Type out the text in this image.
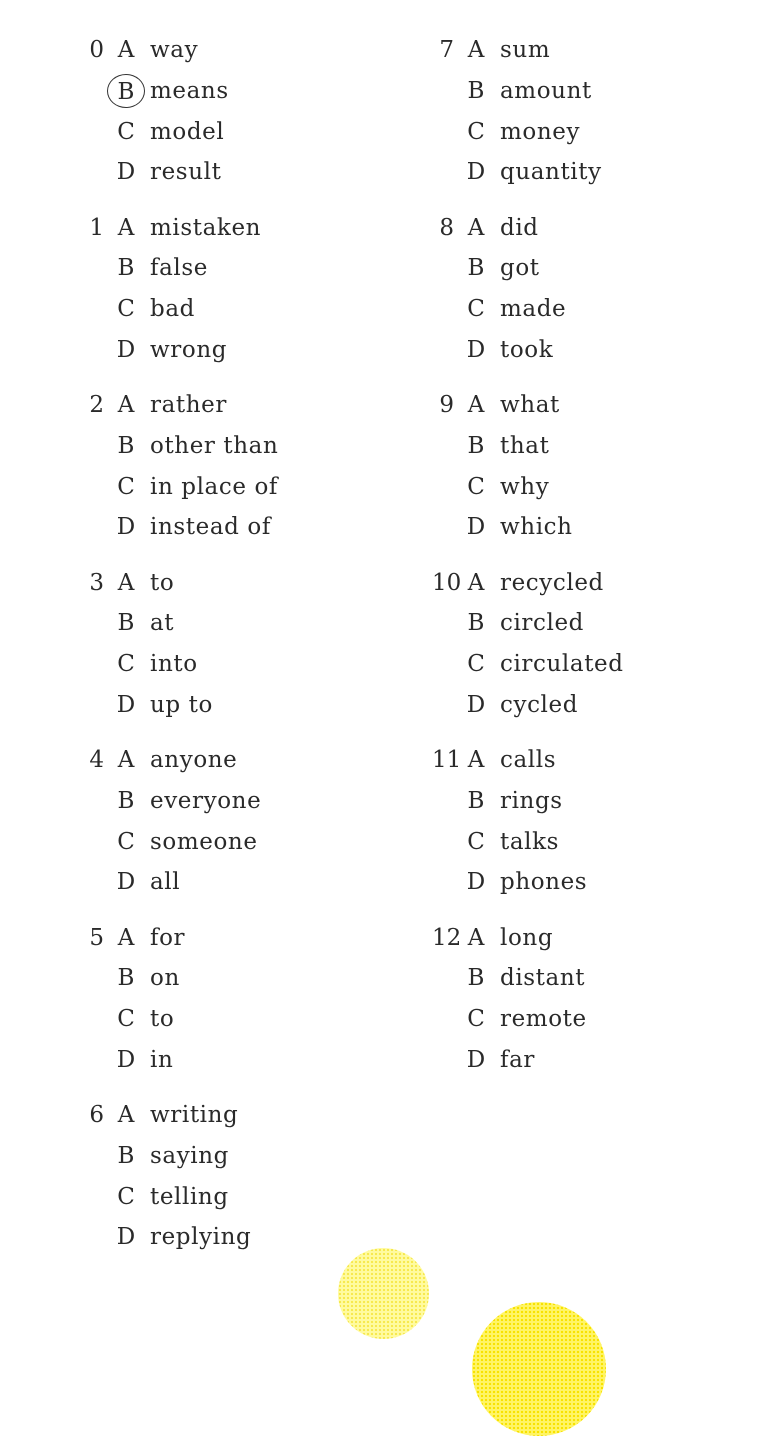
0 A way
B means
C model
D result
1 A mistaken
B false
C bad
D wrong
2 A rather
B other than
C in place of
D instead of
3 A to
B at
C into
D up to
4 A anyone
B everyone
C someone
D all
5 A for
B on
C to
D in
6 A writing
B saying
C telling
D replying
7 A sum
B amount
C money
D quantity
8 A did
B got
C made
D took
9 A what
B that
C why
D which
10 A recycled
B circled
C circulated
D cycled
11 A calls
B rings
C talks
D phones
12 A long
B distant
C remote
D far
